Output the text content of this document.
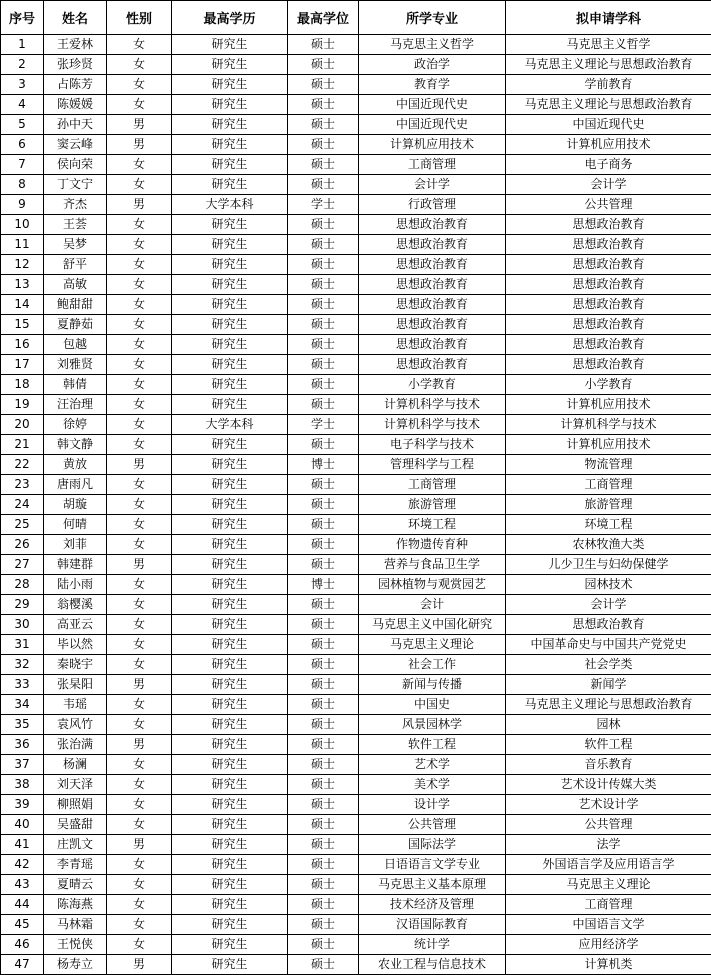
序号	姓名	性别	最高学历	最高学位	所学专业	拟申请学科
1	王爱林	女	研究生	硕士	马克思主义哲学	马克思主义哲学
2	张珍贤	女	研究生	硕士	政治学	马克思主义理论与思想政治教育
3	占陈芳	女	研究生	硕士	教育学	学前教育
4	陈媛媛	女	研究生	硕士	中国近现代史	马克思主义理论与思想政治教育
5	孙中天	男	研究生	硕士	中国近现代史	中国近现代史
6	窦云峰	男	研究生	硕士	计算机应用技术	计算机应用技术
7	侯向荣	女	研究生	硕士	工商管理	电子商务
8	丁文宁	女	研究生	硕士	会计学	会计学
9	齐杰	男	大学本科	学士	行政管理	公共管理
10	王荟	女	研究生	硕士	思想政治教育	思想政治教育
11	吴梦	女	研究生	硕士	思想政治教育	思想政治教育
12	舒平	女	研究生	硕士	思想政治教育	思想政治教育
13	高敏	女	研究生	硕士	思想政治教育	思想政治教育
14	鲍甜甜	女	研究生	硕士	思想政治教育	思想政治教育
15	夏静茹	女	研究生	硕士	思想政治教育	思想政治教育
16	包越	女	研究生	硕士	思想政治教育	思想政治教育
17	刘雅贤	女	研究生	硕士	思想政治教育	思想政治教育
18	韩倩	女	研究生	硕士	小学教育	小学教育
19	汪治理	女	研究生	硕士	计算机科学与技术	计算机应用技术
20	徐婷	女	大学本科	学士	计算机科学与技术	计算机科学与技术
21	韩文静	女	研究生	硕士	电子科学与技术	计算机应用技术
22	黄放	男	研究生	博士	管理科学与工程	物流管理
23	唐雨凡	女	研究生	硕士	工商管理	工商管理
24	胡璇	女	研究生	硕士	旅游管理	旅游管理
25	何晴	女	研究生	硕士	环境工程	环境工程
26	刘菲	女	研究生	硕士	作物遗传育种	农林牧渔大类
27	韩建群	男	研究生	硕士	营养与食品卫生学	儿少卫生与妇幼保健学
28	陆小雨	女	研究生	博士	园林植物与观赏园艺	园林技术
29	翁樱溪	女	研究生	硕士	会计	会计学
30	高亚云	女	研究生	硕士	马克思主义中国化研究	思想政治教育
31	毕以然	女	研究生	硕士	马克思主义理论	中国革命史与中国共产党党史
32	秦晓宇	女	研究生	硕士	社会工作	社会学类
33	张杲阳	男	研究生	硕士	新闻与传播	新闻学
34	韦瑶	女	研究生	硕士	中国史	马克思主义理论与思想政治教育
35	袁风竹	女	研究生	硕士	风景园林学	园林
36	张治满	男	研究生	硕士	软件工程	软件工程
37	杨澜	女	研究生	硕士	艺术学	音乐教育
38	刘天泽	女	研究生	硕士	美术学	艺术设计传媒大类
39	柳照娟	女	研究生	硕士	设计学	艺术设计学
40	吴盛甜	女	研究生	硕士	公共管理	公共管理
41	庄凯文	男	研究生	硕士	国际法学	法学
42	李青瑶	女	研究生	硕士	日语语言文学专业	外国语言学及应用语言学
43	夏晴云	女	研究生	硕士	马克思主义基本原理	马克思主义理论
44	陈海燕	女	研究生	硕士	技术经济及管理	工商管理
45	马林霜	女	研究生	硕士	汉语国际教育	中国语言文学
46	王悦侠	女	研究生	硕士	统计学	应用经济学
47	杨寿立	男	研究生	硕士	农业工程与信息技术	计算机类
